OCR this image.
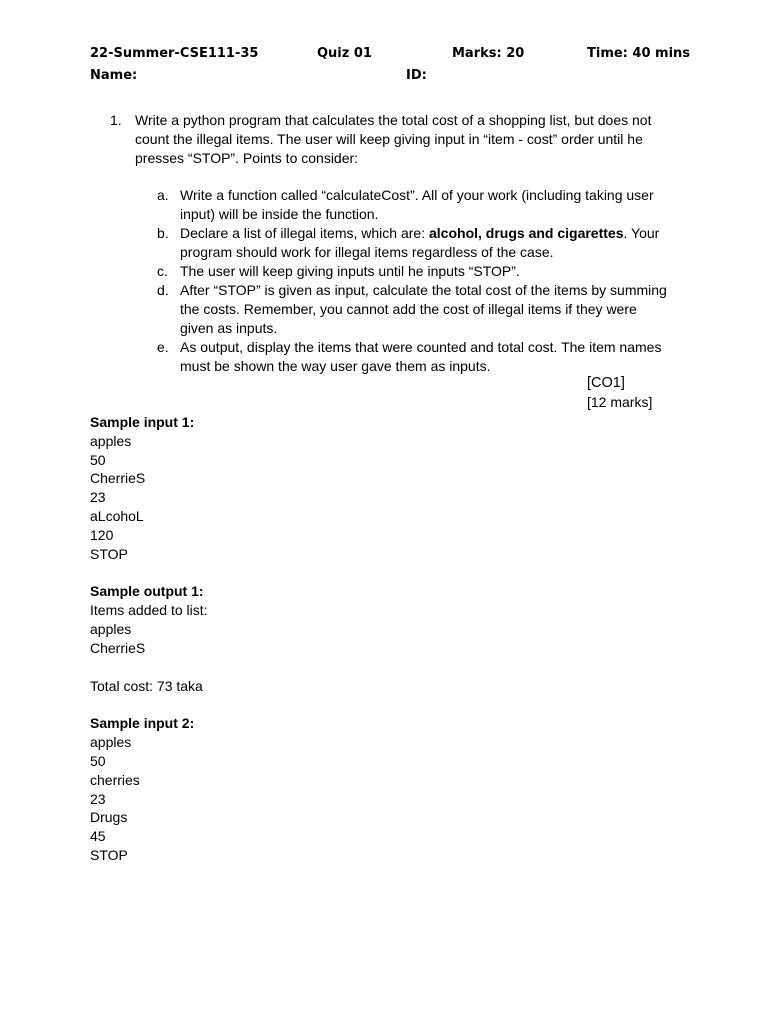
22-Summer-CSE111-35	Quiz 01	Marks: 20	Time: 40 mins
Name:	ID:
1. Write a python program that calculates the total cost of a shopping list, but does not count the illegal items. The user will keep giving input in “item - cost” order until he presses “STOP”. Points to consider:
a. Write a function called “calculateCost”. All of your work (including taking user input) will be inside the function.
b. Declare a list of illegal items, which are: alcohol, drugs and cigarettes. Your program should work for illegal items regardless of the case.
c. The user will keep giving inputs until he inputs “STOP”.
d. After “STOP” is given as input, calculate the total cost of the items by summing the costs. Remember, you cannot add the cost of illegal items if they were given as inputs.
e. As output, display the items that were counted and total cost. The item names must be shown the way user gave them as inputs.
[CO1]
[12 marks]
Sample input 1:
apples
50
CherrieS
23
aLcohoL
120
STOP
Sample output 1:
Items added to list:
apples
CherrieS
Total cost: 73 taka
Sample input 2:
apples
50
cherries
23
Drugs
45
STOP
